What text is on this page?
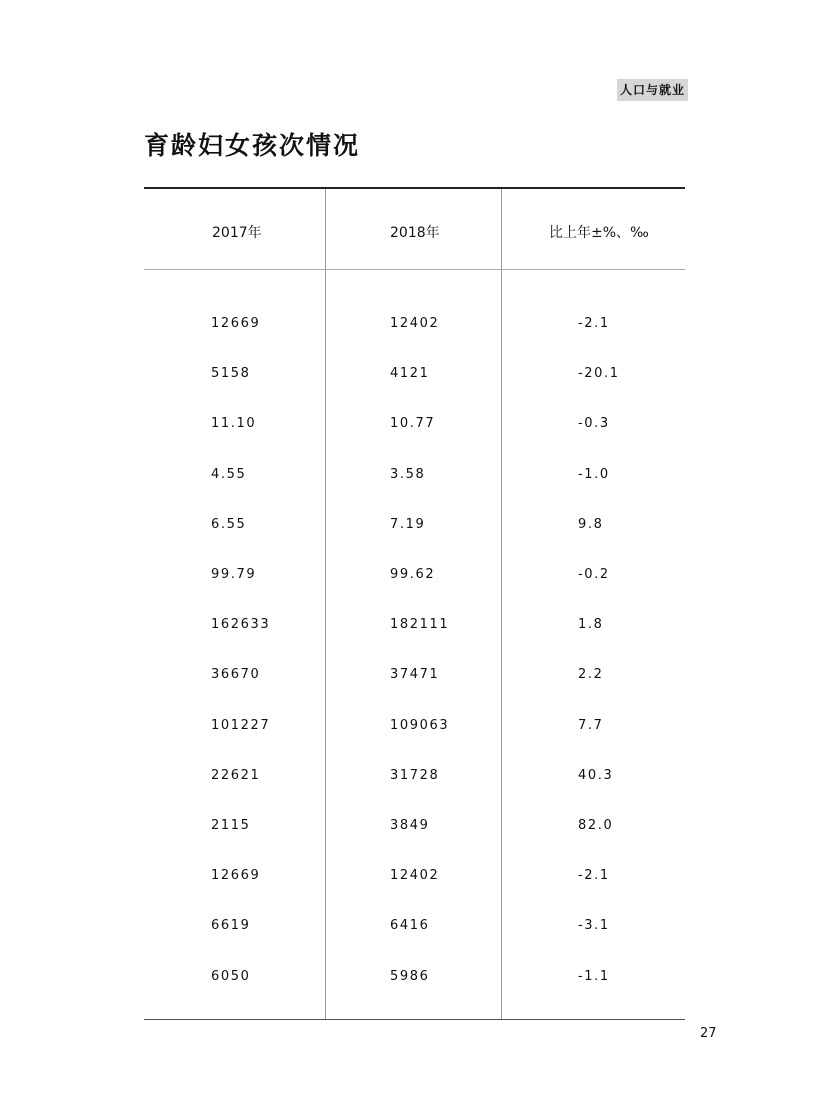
人口与就业
育龄妇女孩次情况
2017年	2018年	比上年±%、‰
12669	12402	-2.1
5158	4121	-20.1
11.10	10.77	-0.3
4.55	3.58	-1.0
6.55	7.19	9.8
99.79	99.62	-0.2
162633	182111	1.8
36670	37471	2.2
101227	109063	7.7
22621	31728	40.3
2115	3849	82.0
12669	12402	-2.1
6619	6416	-3.1
6050	5986	-1.1
27
